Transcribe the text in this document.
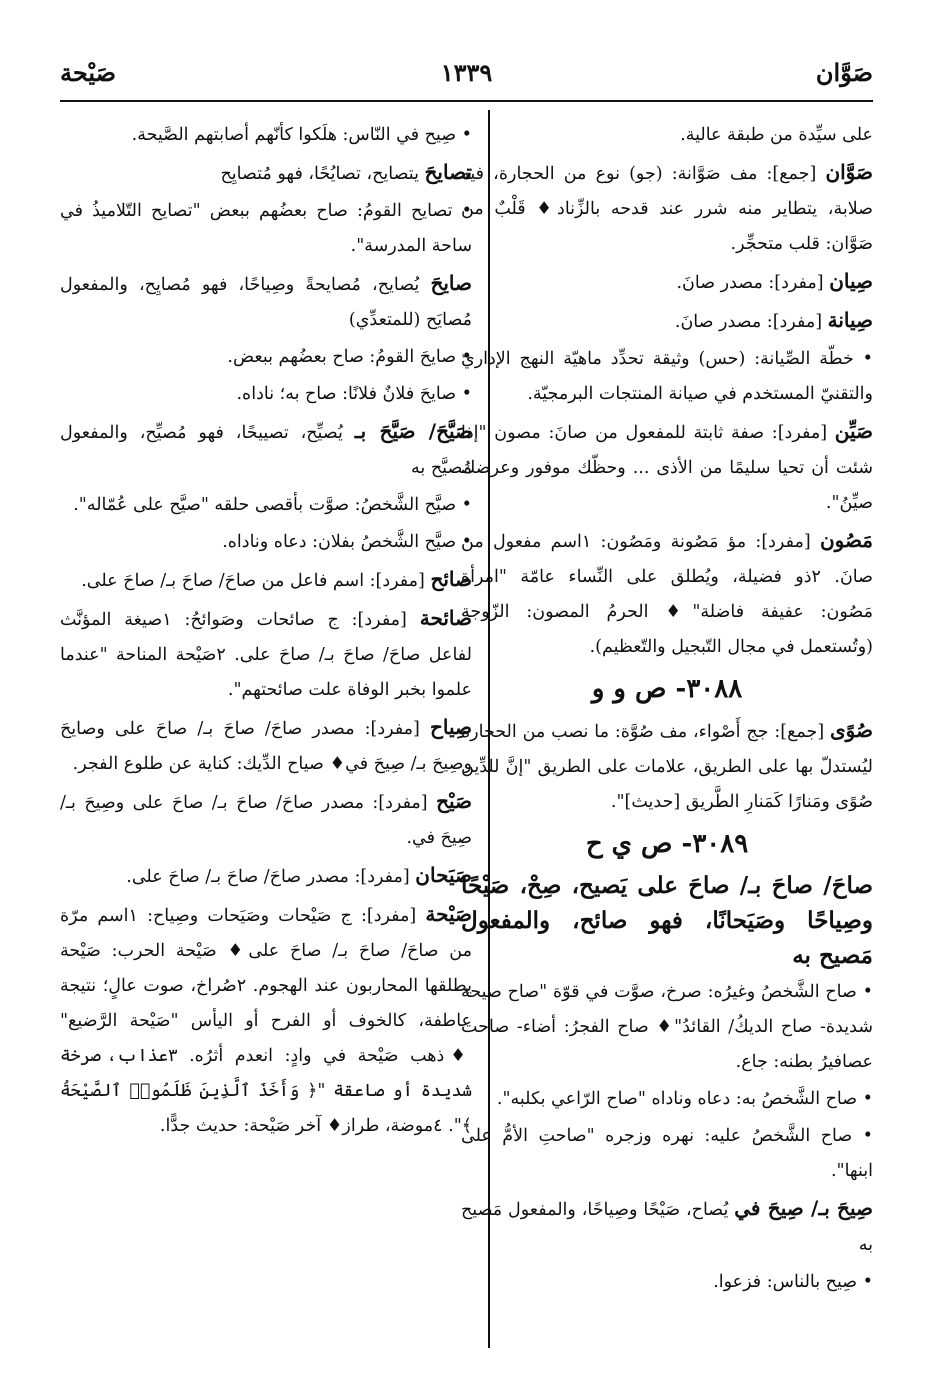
صَوَّان
١٣٣٩
صَيْحة

على سيِّدة من طبقة عالية.

صَوَّان [جمع]: مف صَوَّانة: (جو) نوع من الحجارة، فيه صلابة، يتطاير منه شرر عند قدحه بالزِّناد♦ قَلْبٌ من صَوَّان: قلب متحجِّر.

صِيان [مفرد]: مصدر صانَ.

صِيانة [مفرد]: مصدر صانَ.

• خطّة الصِّيانة: (حس) وثيقة تحدِّد ماهيّة النهج الإداريّ والتقنيّ المستخدم في صيانة المنتجات البرمجيّة.

صَيِّن [مفرد]: صفة ثابتة للمفعول من صانَ: مصون "إذا شئت أن تحيا سليمًا من الأذى ... وحظّك موفور وعرضك صيِّنُ".

مَصُون [مفرد]: مؤ مَصُونة ومَصُون: ١اسم مفعول من صانَ. ٢ذو فضيلة، ويُطلق على النِّساء عامّة "امرأة مَصُون: عفيفة فاضلة"♦ الحرمُ المصون: الزّوجة (وتُستعمل في مجال التّبجيل والتّعظيم).

٣٠٨٨- ص و و

صُوًى [جمع]: جج أَصْواء، مف صُوَّة: ما نصب من الحجارة ليُستدلّ بها على الطريق، علامات على الطريق "إنَّ للدِّين صُوًى ومَنارًا كَمَنارِ الطَّريق [حديث]".

٣٠٨٩- ص ي ح

صاحَ/ صاحَ بـ/ صاحَ على يَصيح، صِحْ، صَيْحًا وصِياحًا وصَيَحانًا، فهو صائح، والمفعول مَصيح به

• صاح الشَّخصُ وغيرُه: صرخ، صوَّت في قوّة "صاح صيحة شديدة- صاح الديكُ/ القائدُ"♦ صاح الفجرُ: أضاء- صاحت عصافيرُ بطنه: جاع.

• صاح الشَّخصُ به: دعاه وناداه "صاح الرّاعي بكلبه".

• صاح الشَّخصُ عليه: نهره وزجره "صاحتِ الأمُّ على ابنها".

صِيحَ بـ/ صِيحَ في يُصاح، صَيْحًا وصِياحًا، والمفعول مَصيح به

• صِيح بالناس: فزعوا.

• صِيح في النّاس: هلَكوا كأنّهم أصابتهم الصَّيحة.

تصايحَ يتصايح، تصايُحًا، فهو مُتصايِح

• تصايح القومُ: صاح بعضُهم ببعض "تصايح التّلاميذُ في ساحة المدرسة".

صايحَ يُصايح، مُصايحةً وصِياحًا، فهو مُصايِح، والمفعول مُصايَح (للمتعدِّي)

• صايحَ القومُ: صاح بعضُهم ببعض.

• صايحَ فلانٌ فلانًا: صاح به؛ ناداه.

صَيَّحَ/ صَيَّحَ بـ يُصيِّح، تصييحًا، فهو مُصيِّح، والمفعول مُصيَّح به

• صيَّح الشَّخصُ: صوَّت بأقصى حلقه "صيَّح على عُمّاله".

• صيَّح الشَّخصُ بفلان: دعاه وناداه.

صائح [مفرد]: اسم فاعل من صاحَ/ صاحَ بـ/ صاحَ على.

صائحة [مفرد]: ج صائحات وصَوائحُ: ١صيغة المؤنَّث لفاعل صاحَ/ صاحَ بـ/ صاحَ على. ٢صَيْحة المناحة "عندما علموا بخبر الوفاة علت صائحتهم".

صِياح [مفرد]: مصدر صاحَ/ صاحَ بـ/ صاحَ على وصايحَ وصِيحَ بـ/ صِيحَ في♦ صياح الدِّيك: كناية عن طلوع الفجر.

صَيْح [مفرد]: مصدر صاحَ/ صاحَ بـ/ صاحَ على وصِيحَ بـ/ صِيحَ في.

صَيَحان [مفرد]: مصدر صاحَ/ صاحَ بـ/ صاحَ على.

صَيْحة [مفرد]: ج صَيْحات وصَيَحات وصِياح: ١اسم مرّة من صاحَ/ صاحَ بـ/ صاحَ على♦ صَيْحة الحرب: صَيْحة يطلقها المحاربون عند الهجوم. ٢صُراخ، صوت عالٍ؛ نتيجة عاطفة، كالخوف أو الفرح أو اليأس "صَيْحة الرَّضيع" ♦ذهب صَيْحة في وادٍ: انعدم أثرُه. ٣عذاب، صرخة شديدة أو صاعقة "﴿ وَأَخَذَ ٱلَّذِينَ ظَلَمُوا۟ ٱلصَّيْحَةُ ﴾". ٤موضة، طراز♦ آخر صَيْحة: حديث جدًّا.
